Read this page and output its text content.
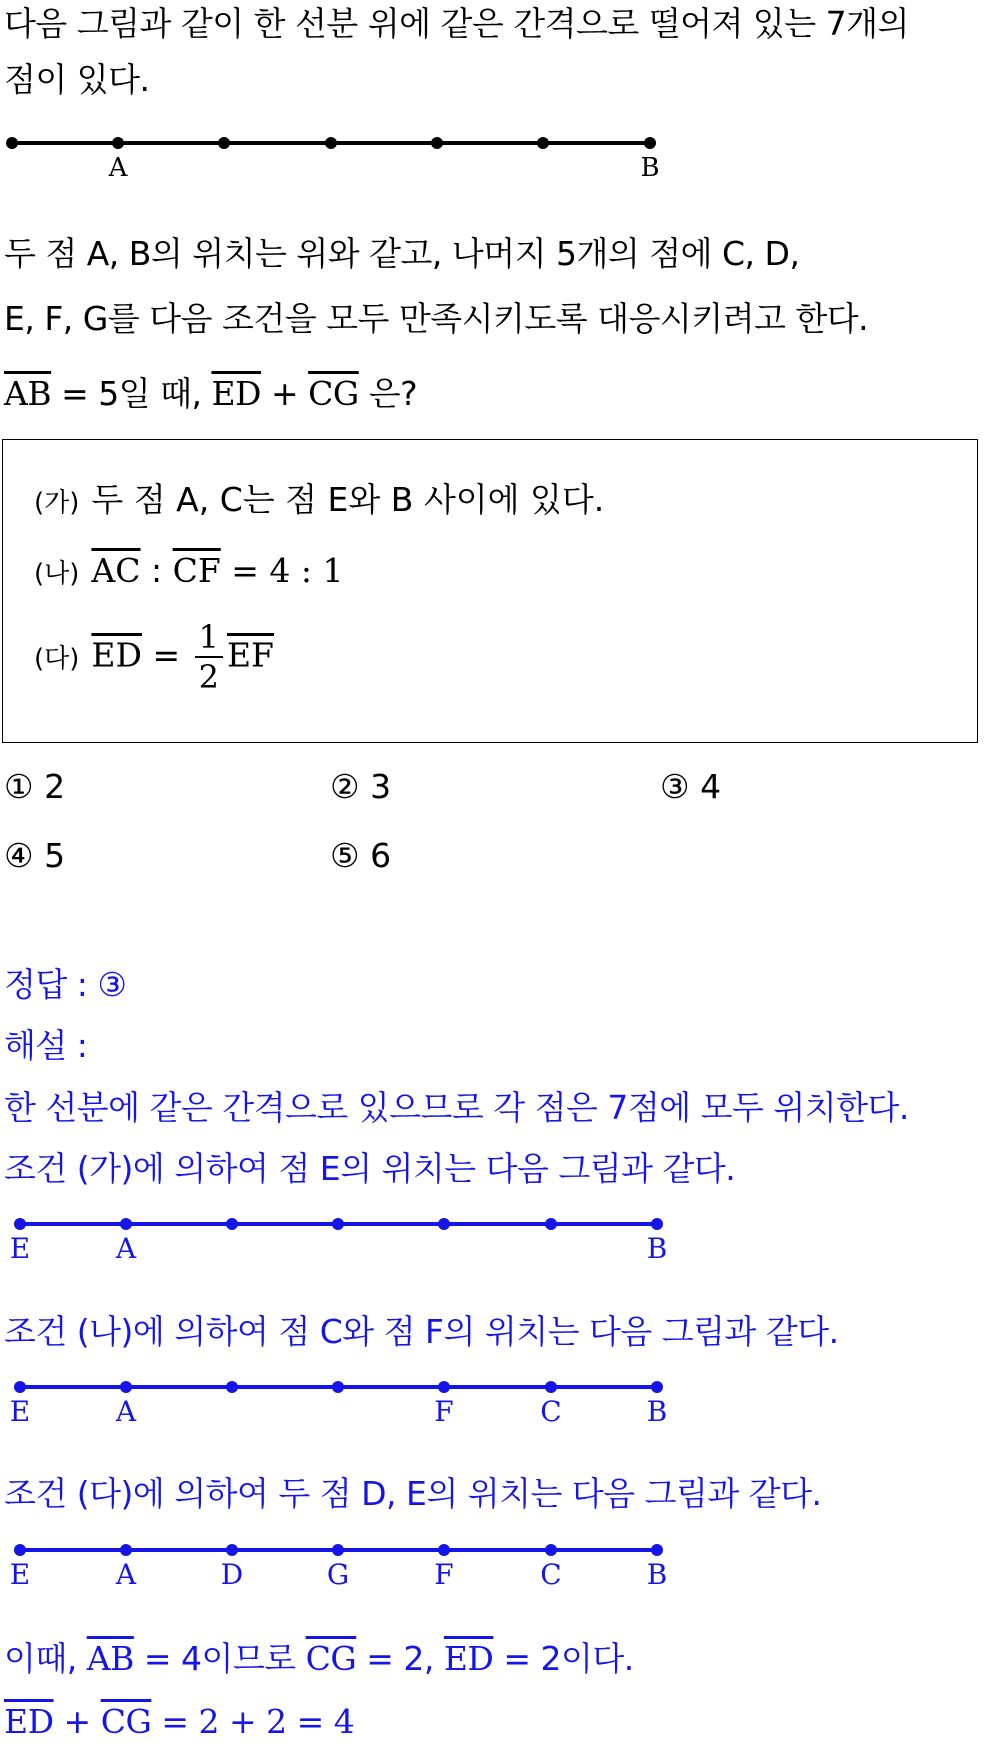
다음 그림과 같이 한 선분 위에 같은 간격으로 떨어져 있는 7개의
점이 있다.
A	B
두 점 A, B의 위치는 위와 같고, 나머지 5개의 점에 C, D,
E, F, G를 다음 조건을 모두 만족시키도록 대응시키려고 한다.
$\overline{AB} = 5$일 때, $\overline{ED} + \overline{CG}$ 은?
(가) 두 점 A, C는 점 E와 B 사이에 있다.
(나) $\overline{AC}$ : $\overline{CF} = 4$ : 1
(다) $\overline{ED} = \frac{1}{2} \overline{EF}$
① 2	② 3	③ 4
④ 5	⑤ 6
정답 : ③
해설 :
한 선분에 같은 간격으로 있으므로 각 점은 7점에 모두 위치한다.
조건 (가)에 의하여 점 E의 위치는 다음 그림과 같다.
E	A	B
조건 (나)에 의하여 점 C와 점 F의 위치는 다음 그림과 같다.
E	A	F	C	B
조건 (다)에 의하여 두 점 D, E의 위치는 다음 그림과 같다.
E	A	D	G	F	C	B
이때, $\overline{AB} = 4$이므로 $\overline{CG} = 2$, $\overline{ED} = 2$이다.
$\overline{ED} + \overline{CG} = 2 + 2 = 4$
